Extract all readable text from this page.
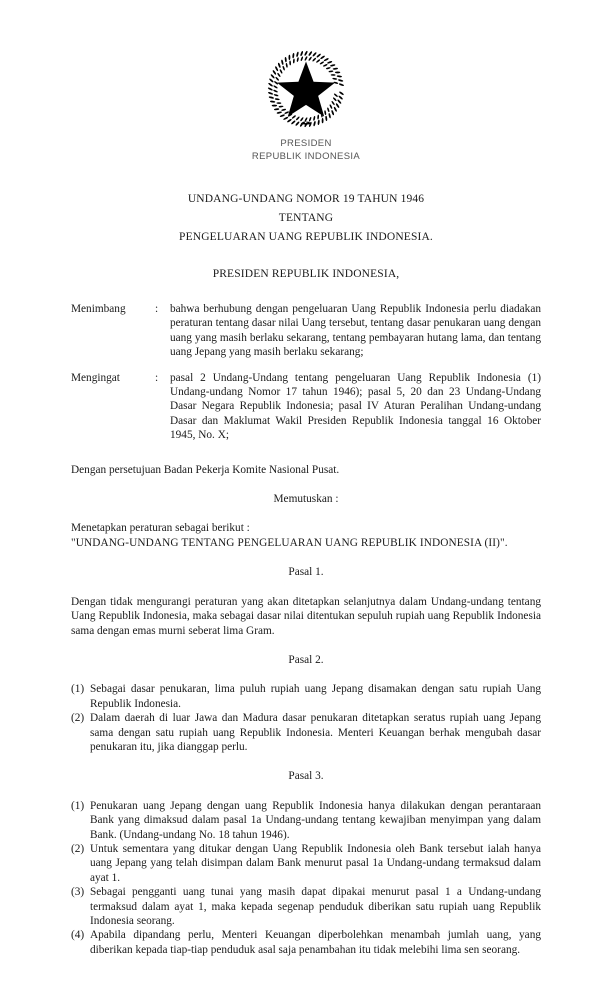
PRESIDEN
REPUBLIK INDONESIA
UNDANG-UNDANG NOMOR 19 TAHUN 1946
TENTANG
PENGELUARAN UANG REPUBLIK INDONESIA.
PRESIDEN REPUBLIK INDONESIA,
Menimbang	:	bahwa berhubung dengan pengeluaran Uang Republik Indonesia perlu diadakan peraturan tentang dasar nilai Uang tersebut, tentang dasar penukaran uang dengan uang yang masih berlaku sekarang, tentang pembayaran hutang lama, dan tentang uang Jepang yang masih berlaku sekarang;
Mengingat	:	pasal 2 Undang-Undang tentang pengeluaran Uang Republik Indonesia (1) Undang-undang Nomor 17 tahun 1946); pasal 5, 20 dan 23 Undang-Undang Dasar Negara Republik Indonesia; pasal IV Aturan Peralihan Undang-undang Dasar dan Maklumat Wakil Presiden Republik Indonesia tanggal 16 Oktober 1945, No. X;

Dengan persetujuan Badan Pekerja Komite Nasional Pusat.

Memutuskan :

Menetapkan peraturan sebagai berikut :

"UNDANG-UNDANG TENTANG PENGELUARAN UANG REPUBLIK INDONESIA (II)".

Pasal 1.

Dengan tidak mengurangi peraturan yang akan ditetapkan selanjutnya dalam Undang-undang tentang Uang Republik Indonesia, maka sebagai dasar nilai ditentukan sepuluh rupiah uang Republik Indonesia sama dengan emas murni seberat lima Gram.

Pasal 2.

(1) Sebagai dasar penukaran, lima puluh rupiah uang Jepang disamakan dengan satu rupiah Uang Republik Indonesia.
(2) Dalam daerah di luar Jawa dan Madura dasar penukaran ditetapkan seratus rupiah uang Jepang sama dengan satu rupiah uang Republik Indonesia. Menteri Keuangan berhak mengubah dasar penukaran itu, jika dianggap perlu.

Pasal 3.

(1) Penukaran uang Jepang dengan uang Republik Indonesia hanya dilakukan dengan perantaraan Bank yang dimaksud dalam pasal 1a Undang-undang tentang kewajiban menyimpan yang dalam Bank. (Undang-undang No. 18 tahun 1946).
(2) Untuk sementara yang ditukar dengan Uang Republik Indonesia oleh Bank tersebut ialah hanya uang Jepang yang telah disimpan dalam Bank menurut pasal 1a Undang-undang termaksud dalam ayat 1.
(3) Sebagai pengganti uang tunai yang masih dapat dipakai menurut pasal 1 a Undang-undang termaksud dalam ayat 1, maka kepada segenap penduduk diberikan satu rupiah uang Republik Indonesia seorang.
(4) Apabila dipandang perlu, Menteri Keuangan diperbolehkan menambah jumlah uang, yang diberikan kepada tiap-tiap penduduk asal saja penambahan itu tidak melebihi lima sen seorang.
